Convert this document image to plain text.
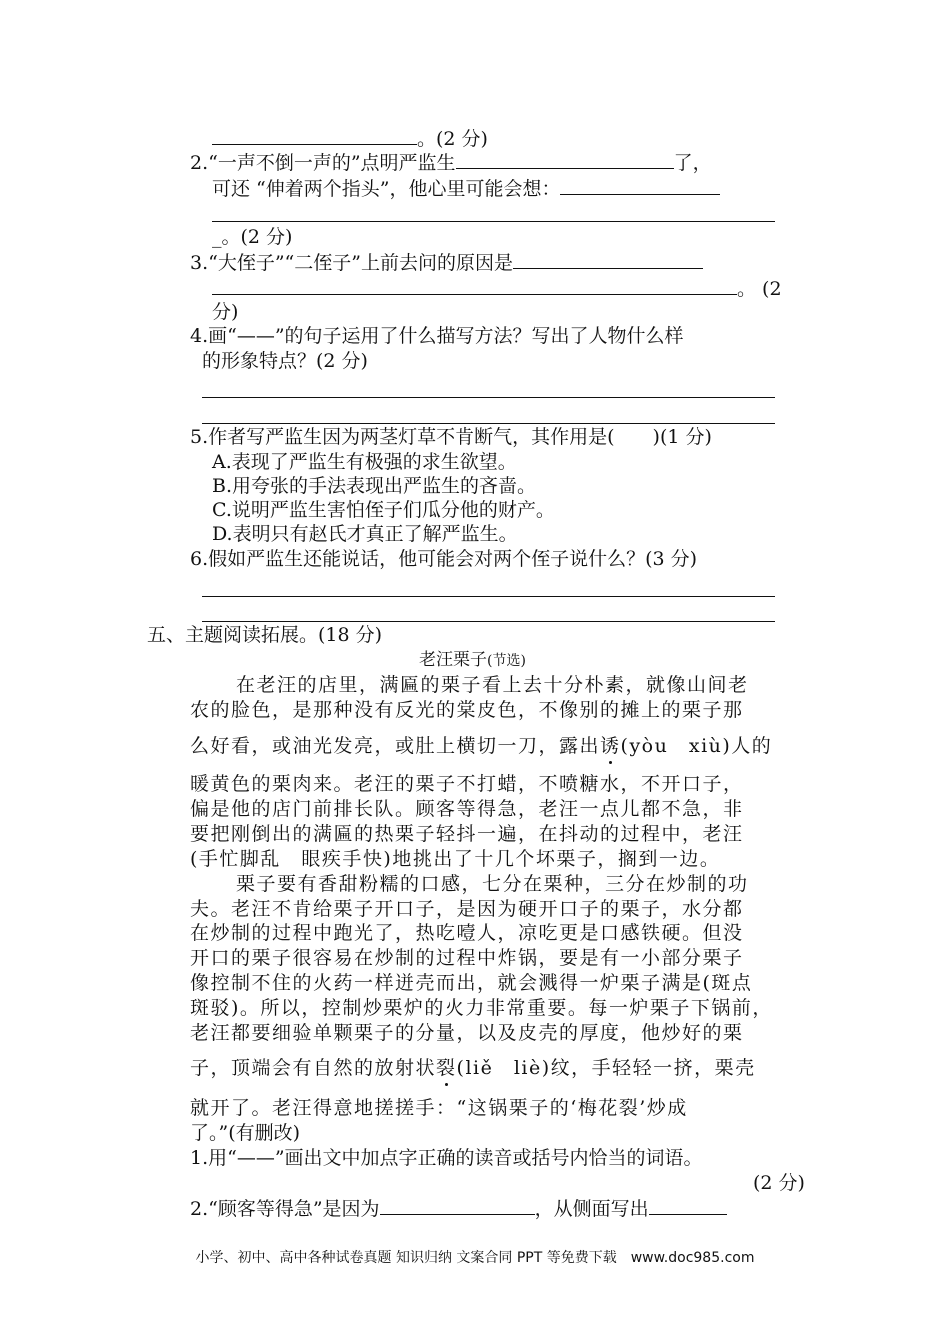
。(2 分)
2.“一声不倒一声的”点明严监生	了，
可还 “伸着两个指头”，他心里可能会想：
_。(2 分)
3.“大侄子”“二侄子”上前去问的原因是
。 (2
分)
4.画“——”的句子运用了什么描写方法？写出了人物什么样
的形象特点？(2 分)
5.作者写严监生因为两茎灯草不肯断气，其作用是(　　)(1 分)
A.表现了严监生有极强的求生欲望。
B.用夸张的手法表现出严监生的吝啬。
C.说明严监生害怕侄子们瓜分他的财产。
D.表明只有赵氏才真正了解严监生。
6.假如严监生还能说话，他可能会对两个侄子说什么？(3 分)
五、主题阅读拓展。(18 分)
老汪栗子(节选)
在老汪的店里，满匾的栗子看上去十分朴素，就像山间老
农的脸色，是那种没有反光的棠皮色，不像别的摊上的栗子那
么好看，或油光发亮，或肚上横切一刀，露出诱(yòu　xiù)人的
暖黄色的栗肉来。老汪的栗子不打蜡，不喷糖水，不开口子，
偏是他的店门前排长队。顾客等得急，老汪一点儿都不急，非
要把刚倒出的满匾的热栗子轻抖一遍，在抖动的过程中，老汪
(手忙脚乱　眼疾手快)地挑出了十几个坏栗子，搁到一边。
栗子要有香甜粉糯的口感，七分在栗种，三分在炒制的功
夫。老汪不肯给栗子开口子，是因为硬开口子的栗子，水分都
在炒制的过程中跑光了，热吃噎人，凉吃更是口感铁硬。但没
开口的栗子很容易在炒制的过程中炸锅，要是有一小部分栗子
像控制不住的火药一样迸壳而出，就会溅得一炉栗子满是(斑点
斑驳)。所以，控制炒栗炉的火力非常重要。每一炉栗子下锅前，
老汪都要细验单颗栗子的分量，以及皮壳的厚度，他炒好的栗
子，顶端会有自然的放射状裂(liě　liè)纹，手轻轻一挤，栗壳
就开了。老汪得意地搓搓手：“这锅栗子的‘梅花裂’炒成
了。”(有删改)
1.用“——”画出文中加点字正确的读音或括号内恰当的词语。
(2 分)
2.“顾客等得急”是因为	，从侧面写出
小学、初中、高中各种试卷真题 知识归纳 文案合同 PPT 等免费下载　www.doc985.com
